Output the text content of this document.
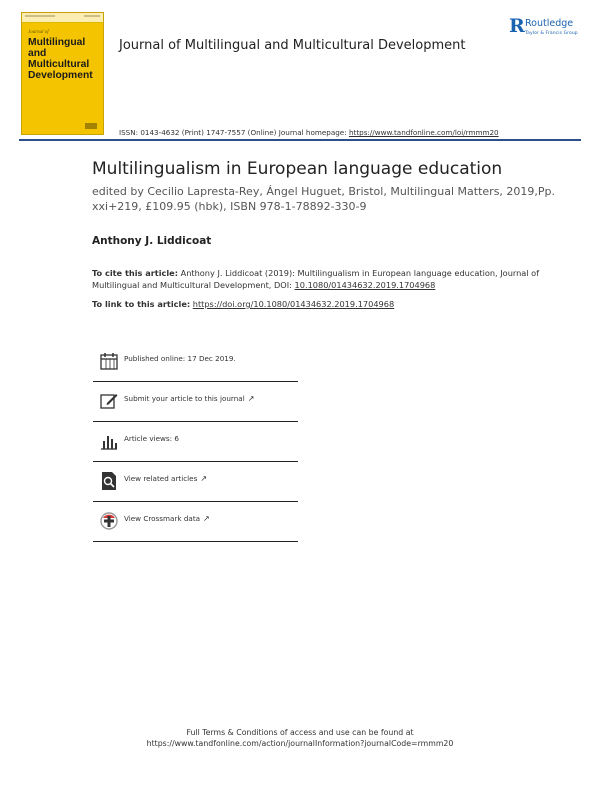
Journal of
Multilingual and Multicultural Development
Journal of Multilingual and Multicultural Development
R Routledge
Taylor & Francis Group
ISSN: 0143-4632 (Print) 1747-7557 (Online) Journal homepage: https://www.tandfonline.com/loi/rmmm20
Multilingualism in European language education
edited by Cecilio Lapresta-Rey, Ángel Huguet, Bristol, Multilingual Matters, 2019,Pp. xxi+219, £109.95 (hbk), ISBN 978-1-78892-330-9
Anthony J. Liddicoat
To cite this article: Anthony J. Liddicoat (2019): Multilingualism in European language education, Journal of Multilingual and Multicultural Development, DOI: 10.1080/01434632.2019.1704968
To link to this article: https://doi.org/10.1080/01434632.2019.1704968
Published online: 17 Dec 2019.
Submit your article to this journal ↗
Article views: 6
View related articles ↗
View Crossmark data ↗
Full Terms & Conditions of access and use can be found at
https://www.tandfonline.com/action/journalInformation?journalCode=rmmm20
